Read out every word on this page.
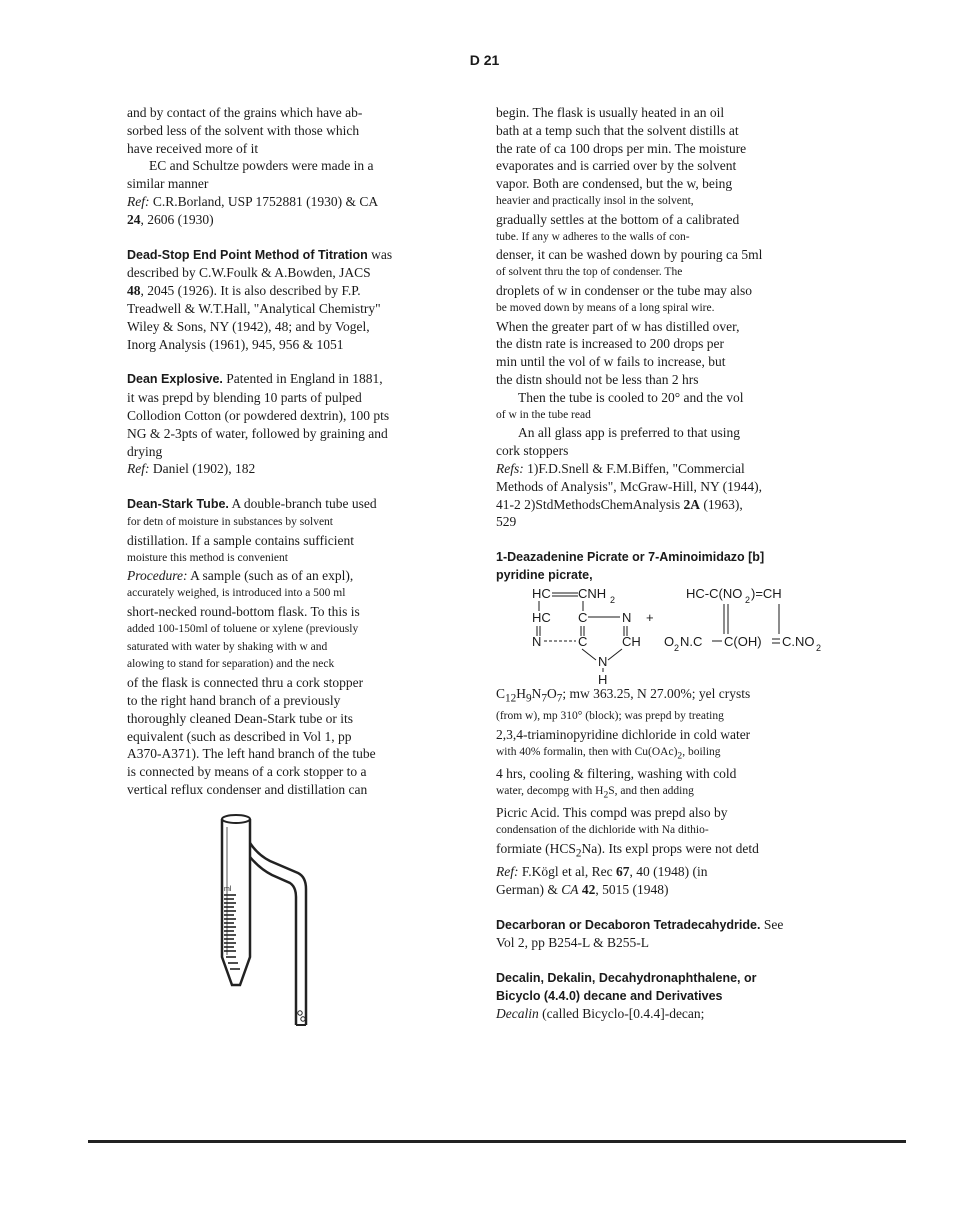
D 21

and by contact of the grains which have ab-

sorbed less of the solvent with those which

have received more of it

EC and Schultze powders were made in a

similar manner

Ref: C.R.Borland, USP 1752881 (1930) & CA

24, 2606 (1930)

Dead-Stop End Point Method of Titration was

described by C.W.Foulk & A.Bowden, JACS

48, 2045 (1926). It is also described by F.P.

Treadwell & W.T.Hall, "Analytical Chemistry"

Wiley & Sons, NY (1942), 48; and by Vogel,

Inorg Analysis (1961), 945, 956 & 1051

Dean Explosive. Patented in England in 1881,

it was prepd by blending 10 parts of pulped

Collodion Cotton (or powdered dextrin), 100 pts

NG & 2-3pts of water, followed by graining and

drying

Ref: Daniel (1902), 182

Dean-Stark Tube. A double-branch tube used

for detn of moisture in substances by solvent

distillation. If a sample contains sufficient

moisture this method is convenient

Procedure: A sample (such as of an expl),

accurately weighed, is introduced into a 500 ml

short-necked round-bottom flask. To this is

added 100-150ml of toluene or xylene (previously

saturated with water by shaking with w and

alowing to stand for separation) and the neck

of the flask is connected thru a cork stopper

to the right hand branch of a previously

thoroughly cleaned Dean-Stark tube or its

equivalent (such as described in Vol 1, pp

A370-A371). The left hand branch of the tube

is connected by means of a cork stopper to a

vertical reflux condenser and distillation can

ml

begin. The flask is usually heated in an oil

bath at a temp such that the solvent distills at

the rate of ca 100 drops per min. The moisture

evaporates and is carried over by the solvent

vapor. Both are condensed, but the w, being

heavier and practically insol in the solvent,

gradually settles at the bottom of a calibrated

tube. If any w adheres to the walls of con-

denser, it can be washed down by pouring ca 5ml

of solvent thru the top of condenser. The

droplets of w in condenser or the tube may also

be moved down by means of a long spiral wire.

When the greater part of w has distilled over,

the distn rate is increased to 200 drops per

min until the vol of w fails to increase, but

the distn should not be less than 2 hrs

Then the tube is cooled to 20° and the vol

of w in the tube read

An all glass app is preferred to that using

cork stoppers

Refs: 1)F.D.Snell & F.M.Biffen, "Commercial

Methods of Analysis", McGraw-Hill, NY (1944),

41-2 2)StdMethodsChemAnalysis 2A (1963),

529

1-Deazadenine Picrate or 7-Aminoimidazo [b]
pyridine picrate,
HC CNH 2
HC C	N +
N	C	CH
N
H
HC-C(NO 2 )=CH
O 2 N.C C(OH) C.NO 2

$C_{12}H_9N_7O_7$; mw 363.25, N 27.00%; yel crysts

(from w), mp 310° (block); was prepd by treating

2,3,4-triaminopyridine dichloride in cold water

with 40% formalin, then with $Cu(OAc)_2$, boiling

4 hrs, cooling & filtering, washing with cold

water, decompg with $H_2S$, and then adding

Picric Acid. This compd was prepd also by

condensation of the dichloride with Na dithio-

formiate $(HCS_2Na)$. Its expl props were not detd

Ref: F.Kögl et al, Rec 67, 40 (1948) (in

German) & CA 42, 5015 (1948)

Decarboran or Decaboron Tetradecahydride. See

Vol 2, pp B254-L & B255-L

Decalin, Dekalin, Decahydronaphthalene, or
Bicyclo (4.4.0) decane and Derivatives

Decalin (called Bicyclo-[0.4.4]-decan;
